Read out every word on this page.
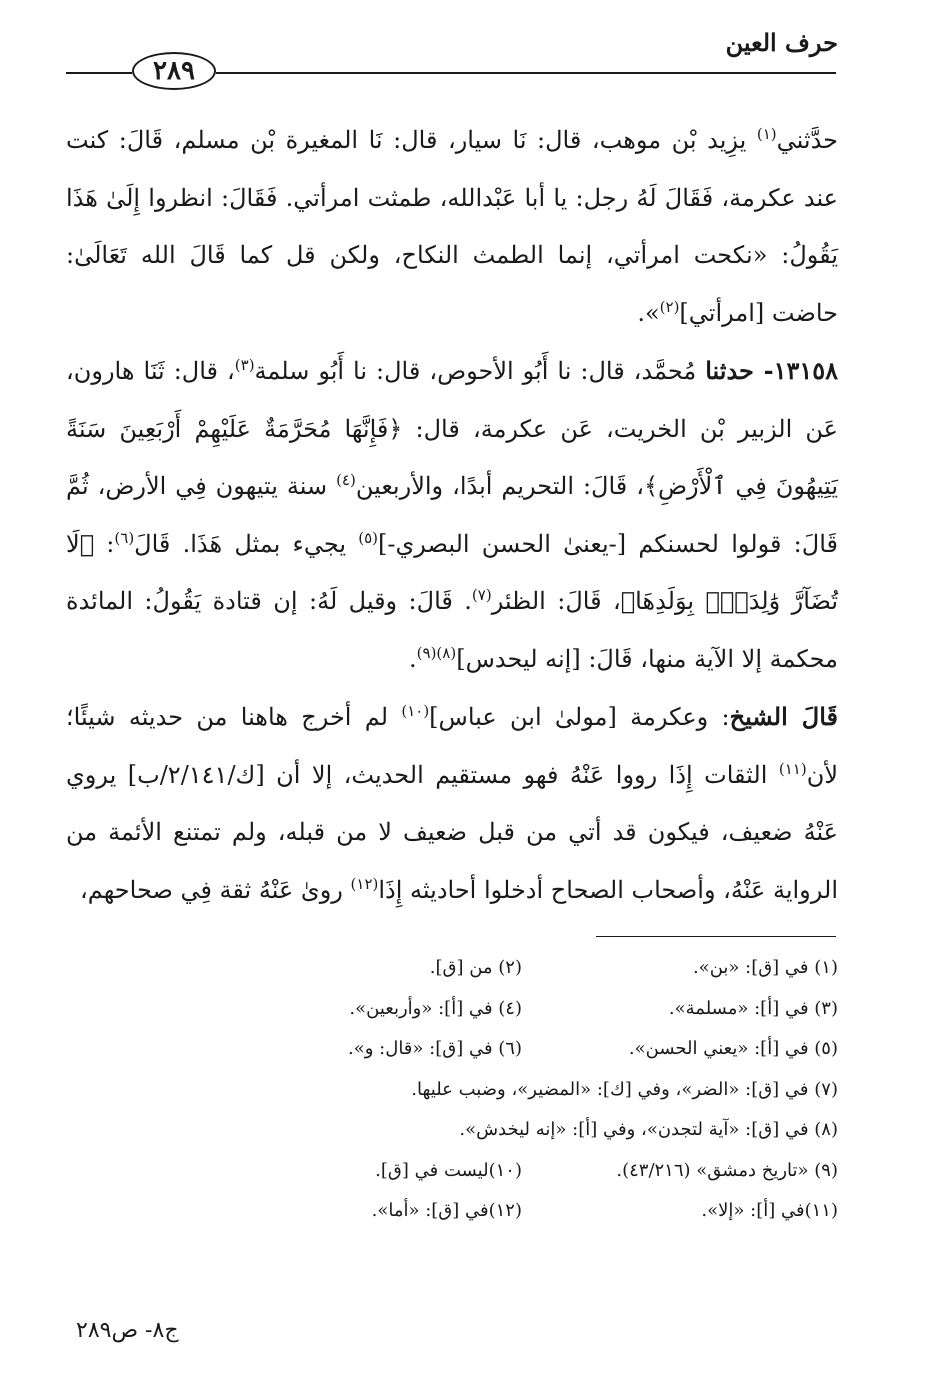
٢٨٩
حرف العين

حدَّثني$^{(١)}$ يزِيد بْن موهب، قال: نَا سيار، قال: نَا المغيرة بْن مسلم، قَالَ: كنت عند عكرمة، فَقَالَ لَهُ رجل: يا أبا عَبْدالله، طمثت امرأتي. فَقَالَ: انظروا إِلَىٰ هَذَا يَقُولُ: «نكحت امرأتي، إنما الطمث النكاح، ولكن قل كما قَالَ الله تَعَالَىٰ: حاضت [امرأتي]$^{(٢)}$».

١٣١٥٨- حدثنا مُحمَّد، قال: نا أَبُو الأحوص، قال: نا أَبُو سلمة$^{(٣)}$، قال: ثَنَا هارون، عَن الزبير بْن الخريت، عَن عكرمة، قال: ﴿فَإِنَّهَا مُحَرَّمَةٌ عَلَيْهِمْ أَرْبَعِينَ سَنَةً يَتِيهُونَ فِي ٱلْأَرْضِ﴾، قَالَ: التحريم أبدًا، والأربعين$^{(٤)}$ سنة يتيهون فِي الأرض، ثُمَّ قَالَ: قولوا لحسنكم [-يعنىٰ الحسن البصري-]$^{(٥)}$ يجيء بمثل هَذَا. قَالَ$^{(٦)}$: ﴿لَا تُضَآرَّ وَٰلِدَةٌۢ بِوَلَدِهَا﴾، قَالَ: الظئر$^{(٧)}$. قَالَ: وقيل لَهُ: إن قتادة يَقُولُ: المائدة محكمة إلا الآية منها، قَالَ: [إنه ليحدس]$^{(٨)(٩)}$.

قَالَ الشيخ: وعكرمة [مولىٰ ابن عباس]$^{(١٠)}$ لم أخرج هاهنا من حديثه شيئًا؛ لأن$^{(١١)}$ الثقات إِذَا رووا عَنْهُ فهو مستقيم الحديث، إلا أن [ك/٢/١٤١/ب] يروي عَنْهُ ضعيف، فيكون قد أتي من قبل ضعيف لا من قبله، ولم تمتنع الأئمة من الرواية عَنْهُ، وأصحاب الصحاح أدخلوا أحاديثه إِذَا$^{(١٢)}$ روىٰ عَنْهُ ثقة فِي صحاحهم،

(١) في [ق]: «بن».
(٢) من [ق].
(٣) في [أ]: «مسلمة».
(٤) في [أ]: «وأربعين».
(٥) في [أ]: «يعني الحسن».
(٦) في [ق]: «قال: و».
(٧) في [ق]: «الضر»، وفي [ك]: «المضير»، وضبب عليها.
(٨) في [ق]: «آية لتجدن»، وفي [أ]: «إنه ليخدش».
(٩) «تاريخ دمشق» (٤٣/٢١٦).
(١٠)ليست في [ق].
(١١)في [أ]: «إلا».
(١٢)في [ق]: «أما».
ج٨- ص٢٨٩
